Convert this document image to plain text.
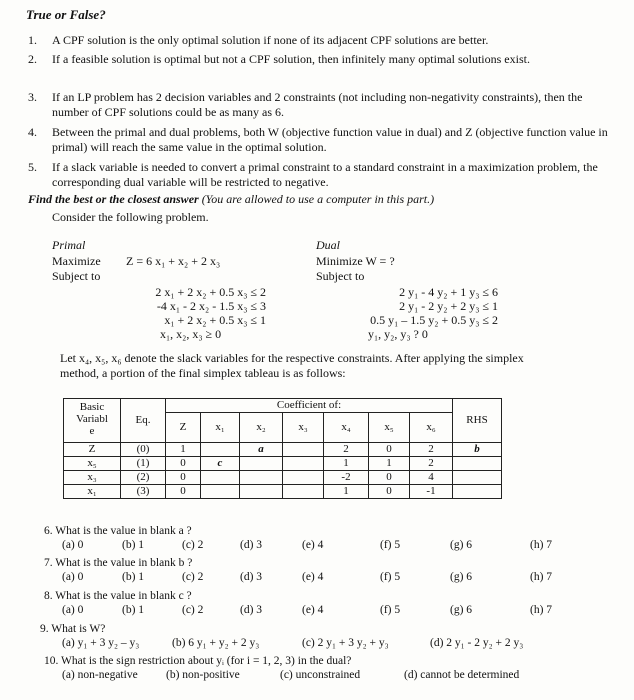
True or False?
1. A CPF solution is the only optimal solution if none of its adjacent CPF solutions are better.
2. If a feasible solution is optimal but not a CPF solution, then infinitely many optimal solutions exist.
3. If an LP problem has 2 decision variables and 2 constraints (not including non-negativity constraints), then the number of CPF solutions could be as many as 6.
4. Between the primal and dual problems, both W (objective function value in dual) and Z (objective function value in primal) will reach the same value in the optimal solution.
5. If a slack variable is needed to convert a primal constraint to a standard constraint in a maximization problem, the corresponding dual variable will be restricted to negative.
Find the best or the closest answer (You are allowed to use a computer in this part.)
Consider the following problem.
Primal
Maximize Z = 6 x₁ + x₂ + 2 x₃
Subject to
2 x₁ + 2 x₂ + 0.5 x₃ ≤ 2
-4 x₁ - 2 x₂ - 1.5 x₃ ≤ 3
x₁ + 2 x₂ + 0.5 x₃ ≤ 1
x₁, x₂, x₃ ≥ 0
Dual
Minimize W = ?
Subject to
2 y₁ - 4 y₂ + 1 y₃ ≤ 6
2 y₁ - 2 y₂ + 2 y₃ ≤ 1
0.5 y₁ – 1.5 y₂ + 0.5 y₃ ≤ 2
y₁, y₂, y₃ ? 0
Let x₄, x₅, x₆ denote the slack variables for the respective constraints. After applying the simplex
method, a portion of the final simplex tableau is as follows:
Basic
Variabl
e	Eq.	Coefficient of:							RHS
		Z	x₁	x₂	x₃	x₄	x₅	x₆	
Z	(0)	1		a		2	0	2	b
x₅	(1)	0	c			1	1	2	
x₃	(2)	0				-2	0	4	
x₁	(3)	0				1	0	-1	
6. What is the value in blank a ?
(a) 0	(b) 1	(c) 2	(d) 3	(e) 4	(f) 5	(g) 6	(h) 7
7. What is the value in blank b ?
(a) 0	(b) 1	(c) 2	(d) 3	(e) 4	(f) 5	(g) 6	(h) 7
8. What is the value in blank c ?
(a) 0	(b) 1	(c) 2	(d) 3	(e) 4	(f) 5	(g) 6	(h) 7
9. What is W?
(a) y₁ + 3 y₂ – y₃	(b) 6 y₁ + y₂ + 2 y₃	(c) 2 y₁ + 3 y₂ + y₃	(d) 2 y₁ - 2 y₂ + 2 y₃
10. What is the sign restriction about yᵢ (for i = 1, 2, 3) in the dual?
(a) non-negative (b) non-positive	(c) unconstrained	(d) cannot be determined
